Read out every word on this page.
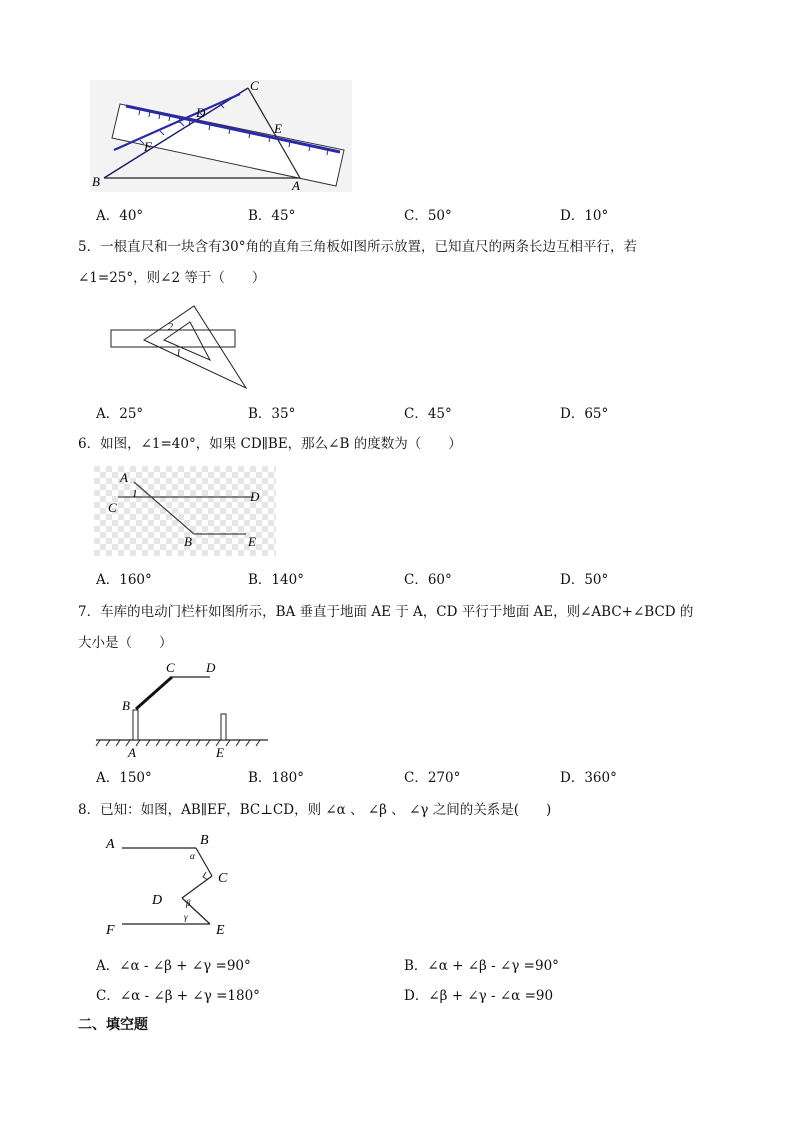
C
D
E
F
B	A
A．40°	B．45°	C．50°	D．10°
5．一根直尺和一块含有30°角的直角三角板如图所示放置，已知直尺的两条长边互相平行，若
∠1=25°，则∠2 等于（　　）
2
1
A．25°	B．35°	C．45°	D．65°
6．如图，∠1=40°，如果 CD∥BE，那么∠B 的度数为（　　）
A
C
1	D
B	E
A．160°	B．140°	C．60°	D．50°
7．车库的电动门栏杆如图所示，BA 垂直于地面 AE 于 A，CD 平行于地面 AE，则∠ABC+∠BCD 的
大小是（　　）
C D
B
A	E
A．150°	B．180°	C．270°	D．360°
8．已知：如图，AB∥EF，BC⊥CD，则 ∠α 、 ∠β 、 ∠γ 之间的关系是(　　)
A	B
α
C
D	β
γ
F	E
A．∠α - ∠β + ∠γ =90°	B．∠α + ∠β - ∠γ =90°
C．∠α - ∠β + ∠γ =180°	D．∠β + ∠γ - ∠α =90
二、填空题
